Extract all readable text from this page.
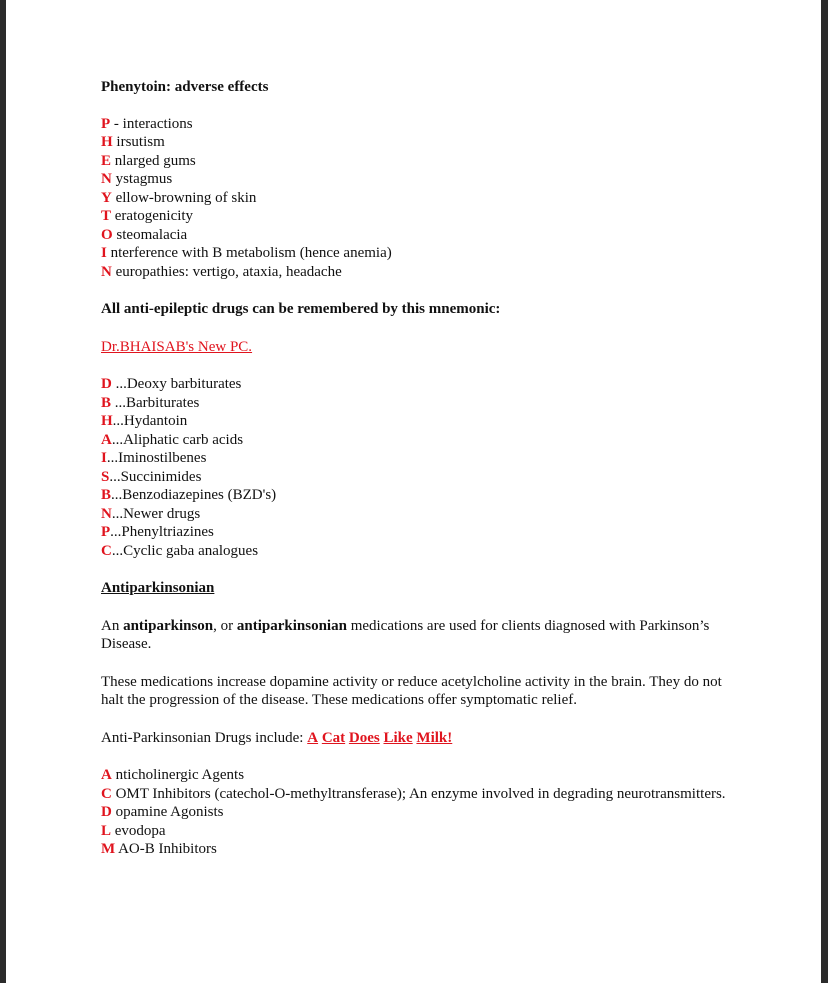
Phenytoin: adverse effects

P - interactions
H irsutism
E nlarged gums
N ystagmus
Y ellow-browning of skin
T eratogenicity
O steomalacia
I nterference with B metabolism (hence anemia)
N europathies: vertigo, ataxia, headache

All anti-epileptic drugs can be remembered by this mnemonic:

Dr.BHAISAB's New PC.
D ...Deoxy barbiturates
B ...Barbiturates
H...Hydantoin
A...Aliphatic carb acids
I...Iminostilbenes
S...Succinimides
B...Benzodiazepines (BZD's)
N...Newer drugs
P...Phenyltriazines
C...Cyclic gaba analogues

Antiparkinsonian

An antiparkinson, or antiparkinsonian medications are used for clients diagnosed with Parkinson’s Disease.

These medications increase dopamine activity or reduce acetylcholine activity in the brain. They do not halt the progression of the disease. These medications offer symptomatic relief.

Anti-Parkinsonian Drugs include: A Cat Does Like Milk!

A nticholinergic Agents
C OMT Inhibitors (catechol-O-methyltransferase); An enzyme involved in degrading neurotransmitters.
D opamine Agonists
L evodopa
M AO-B Inhibitors
